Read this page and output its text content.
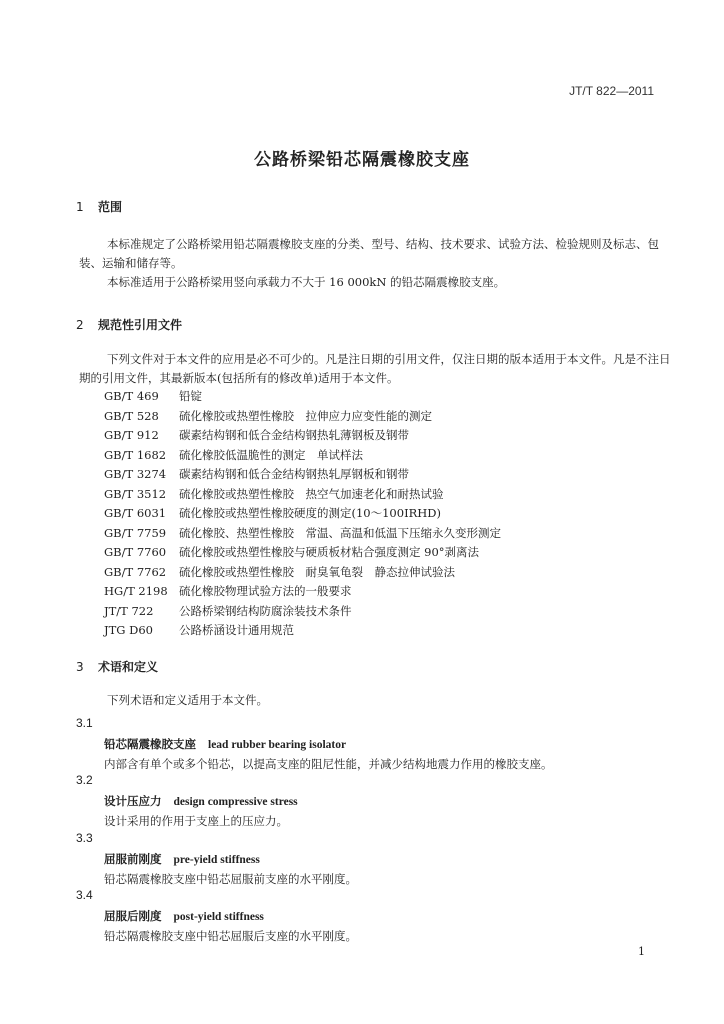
JT/T 822—2011
公路桥梁铅芯隔震橡胶支座
1 范围
本标准规定了公路桥梁用铅芯隔震橡胶支座的分类、型号、结构、技术要求、试验方法、检验规则及标志、包装、运输和储存等。
本标准适用于公路桥梁用竖向承载力不大于 16 000kN 的铅芯隔震橡胶支座。
2 规范性引用文件
下列文件对于本文件的应用是必不可少的。凡是注日期的引用文件，仅注日期的版本适用于本文件。凡是不注日期的引用文件，其最新版本(包括所有的修改单)适用于本文件。
GB/T 469 铅锭
GB/T 528 硫化橡胶或热塑性橡胶　拉伸应力应变性能的测定
GB/T 912 碳素结构钢和低合金结构钢热轧薄钢板及钢带
GB/T 1682 硫化橡胶低温脆性的测定　单试样法
GB/T 3274 碳素结构钢和低合金结构钢热轧厚钢板和钢带
GB/T 3512 硫化橡胶或热塑性橡胶　热空气加速老化和耐热试验
GB/T 6031 硫化橡胶或热塑性橡胶硬度的测定(10～100IRHD)
GB/T 7759 硫化橡胶、热塑性橡胶　常温、高温和低温下压缩永久变形测定
GB/T 7760 硫化橡胶或热塑性橡胶与硬质板材粘合强度测定 90°剥离法
GB/T 7762 硫化橡胶或热塑性橡胶　耐臭氧龟裂　静态拉伸试验法
HG/T 2198 硫化橡胶物理试验方法的一般要求
JT/T 722 公路桥梁钢结构防腐涂装技术条件
JTG D60 公路桥涵设计通用规范
3 术语和定义
下列术语和定义适用于本文件。
3.1
铅芯隔震橡胶支座 lead rubber bearing isolator
内部含有单个或多个铅芯，以提高支座的阻尼性能，并减少结构地震力作用的橡胶支座。
3.2
设计压应力 design compressive stress
设计采用的作用于支座上的压应力。
3.3
屈服前刚度 pre-yield stiffness
铅芯隔震橡胶支座中铅芯屈服前支座的水平刚度。
3.4
屈服后刚度 post-yield stiffness
铅芯隔震橡胶支座中铅芯屈服后支座的水平刚度。
1
